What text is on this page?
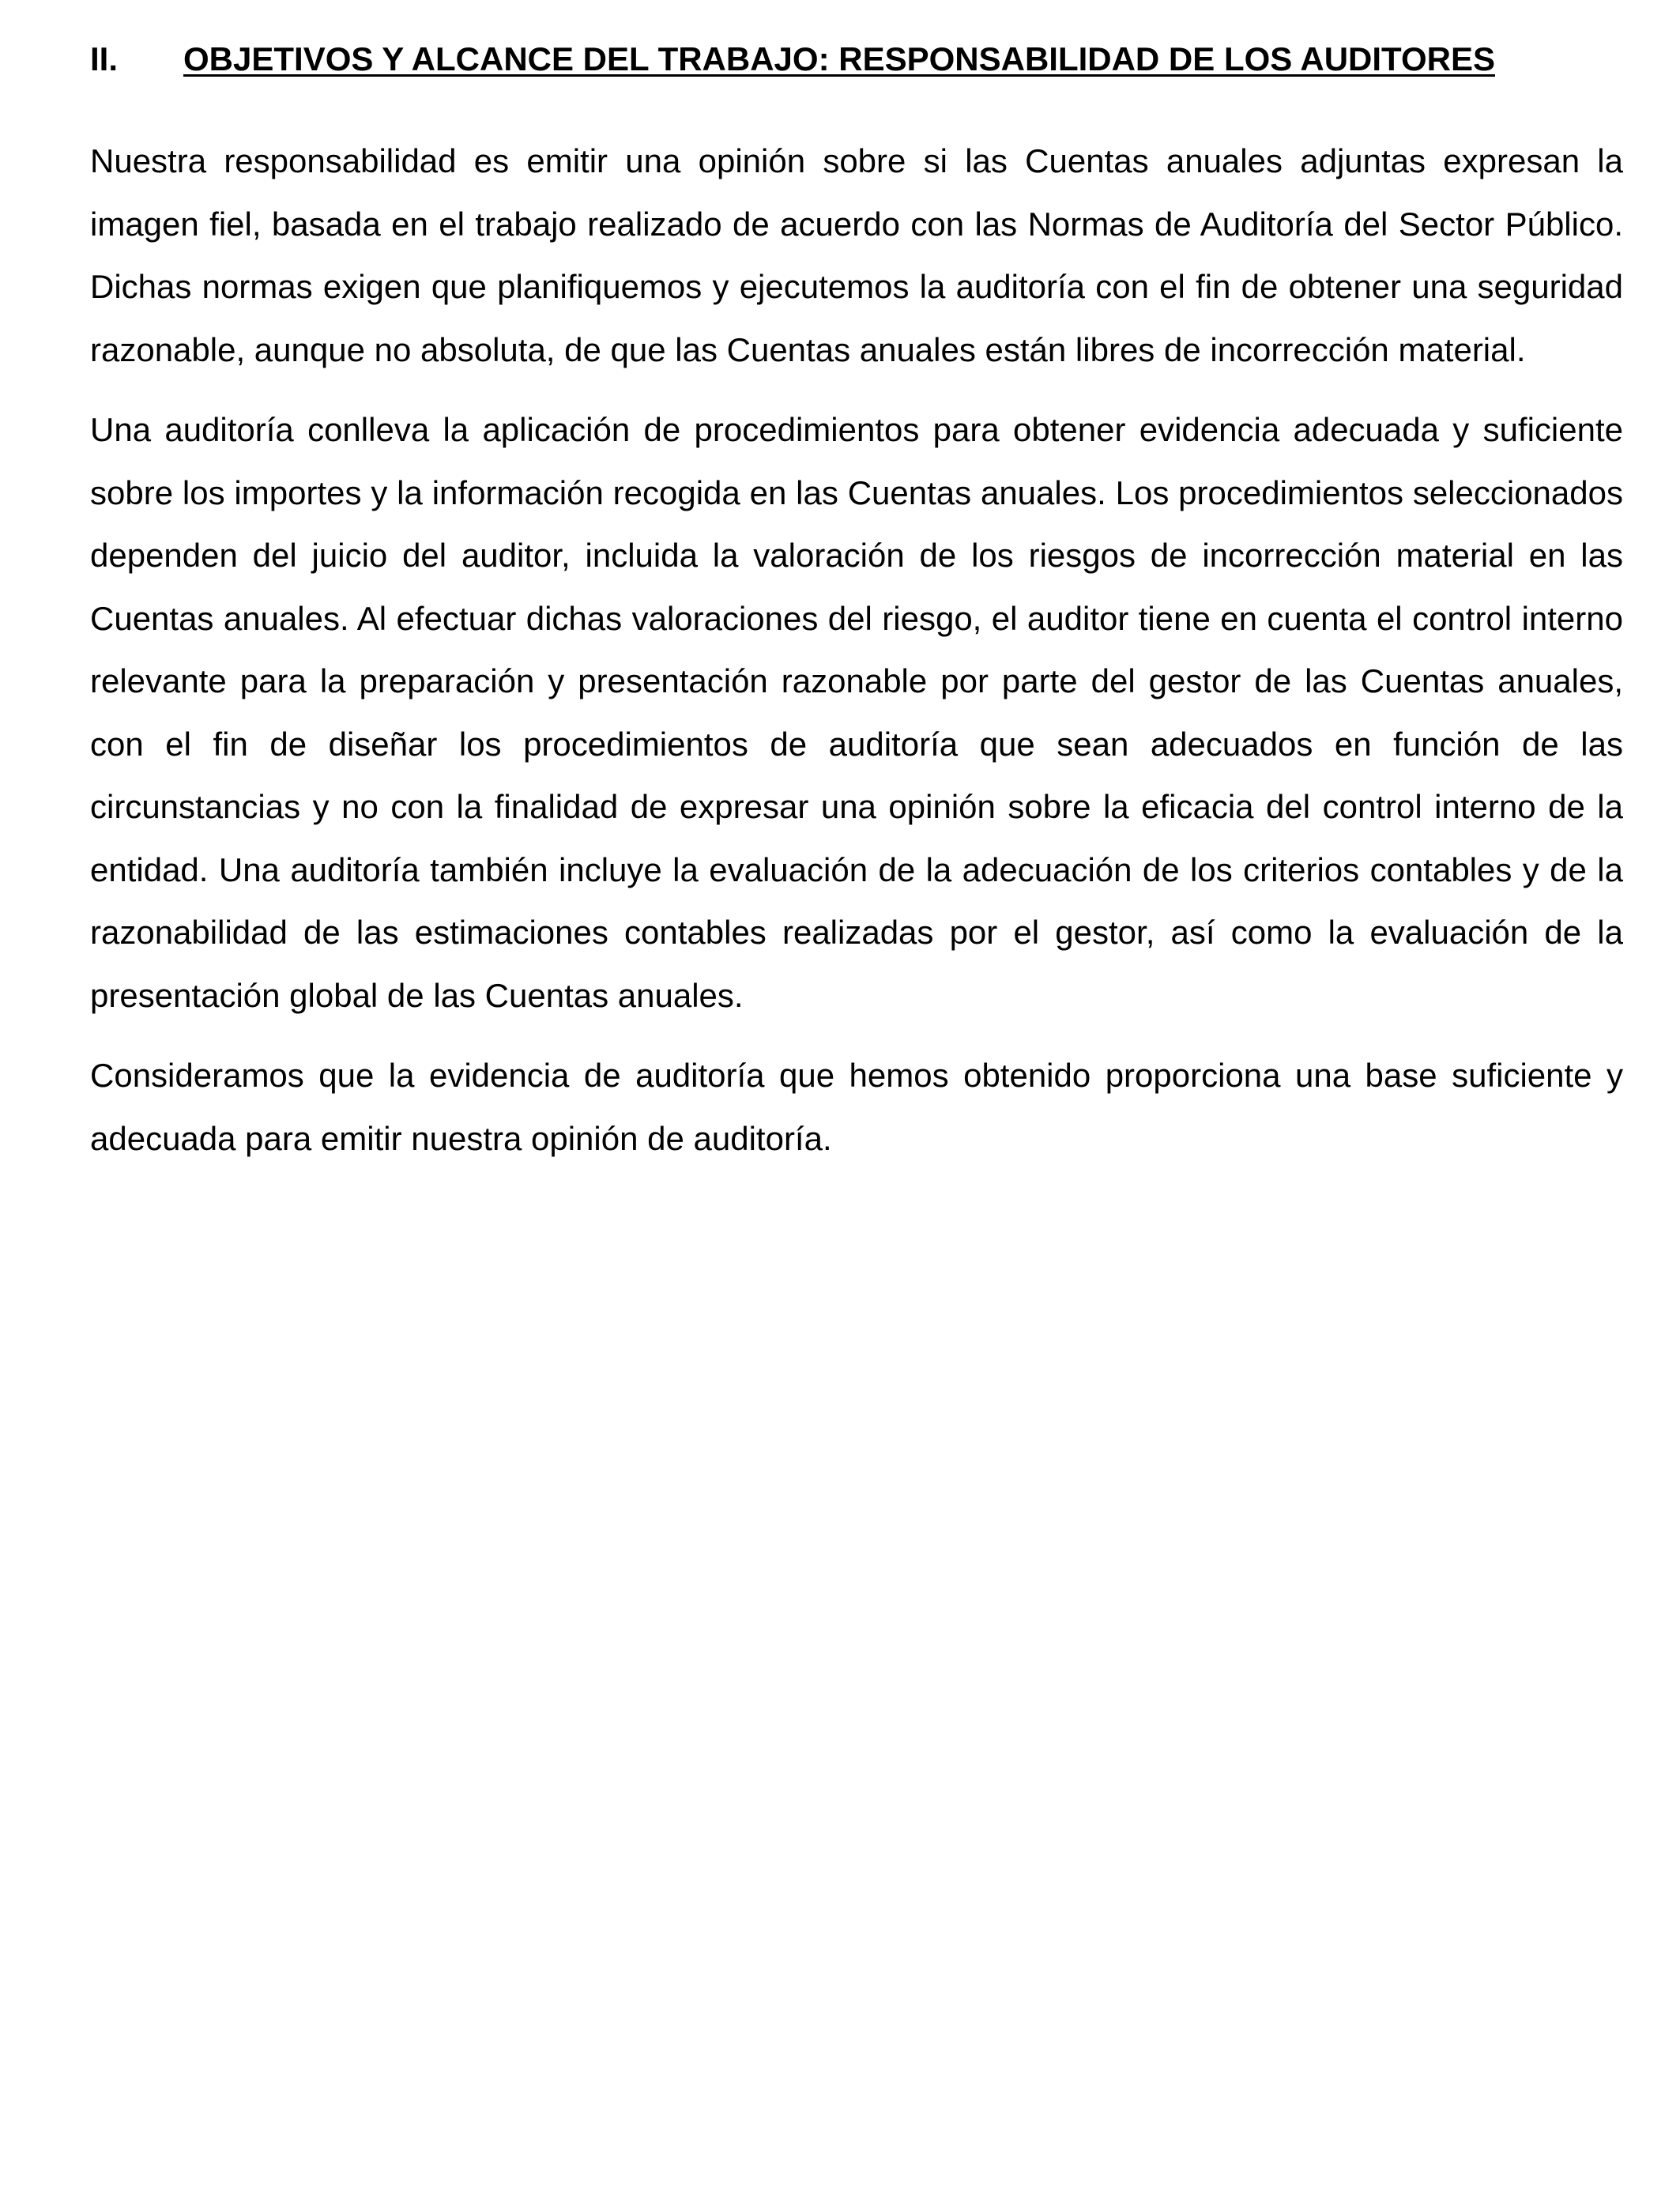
II. OBJETIVOS Y ALCANCE DEL TRABAJO: RESPONSABILIDAD DE LOS AUDITORES

Nuestra responsabilidad es emitir una opinión sobre si las Cuentas anuales adjuntas expresan la imagen fiel, basada en el trabajo realizado de acuerdo con las Normas de Auditoría del Sector Público. Dichas normas exigen que planifiquemos y ejecutemos la auditoría con el fin de obtener una seguridad razonable, aunque no absoluta, de que las Cuentas anuales están libres de incorrección material.

Una auditoría conlleva la aplicación de procedimientos para obtener evidencia adecuada y suficiente sobre los importes y la información recogida en las Cuentas anuales. Los procedimientos seleccionados dependen del juicio del auditor, incluida la valoración de los riesgos de incorrección material en las Cuentas anuales. Al efectuar dichas valoraciones del riesgo, el auditor tiene en cuenta el control interno relevante para la preparación y presentación razonable por parte del gestor de las Cuentas anuales, con el fin de diseñar los procedimientos de auditoría que sean adecuados en función de las circunstancias y no con la finalidad de expresar una opinión sobre la eficacia del control interno de la entidad. Una auditoría también incluye la evaluación de la adecuación de los criterios contables y de la razonabilidad de las estimaciones contables realizadas por el gestor, así como la evaluación de la presentación global de las Cuentas anuales.

Consideramos que la evidencia de auditoría que hemos obtenido proporciona una base suficiente y adecuada para emitir nuestra opinión de auditoría.
